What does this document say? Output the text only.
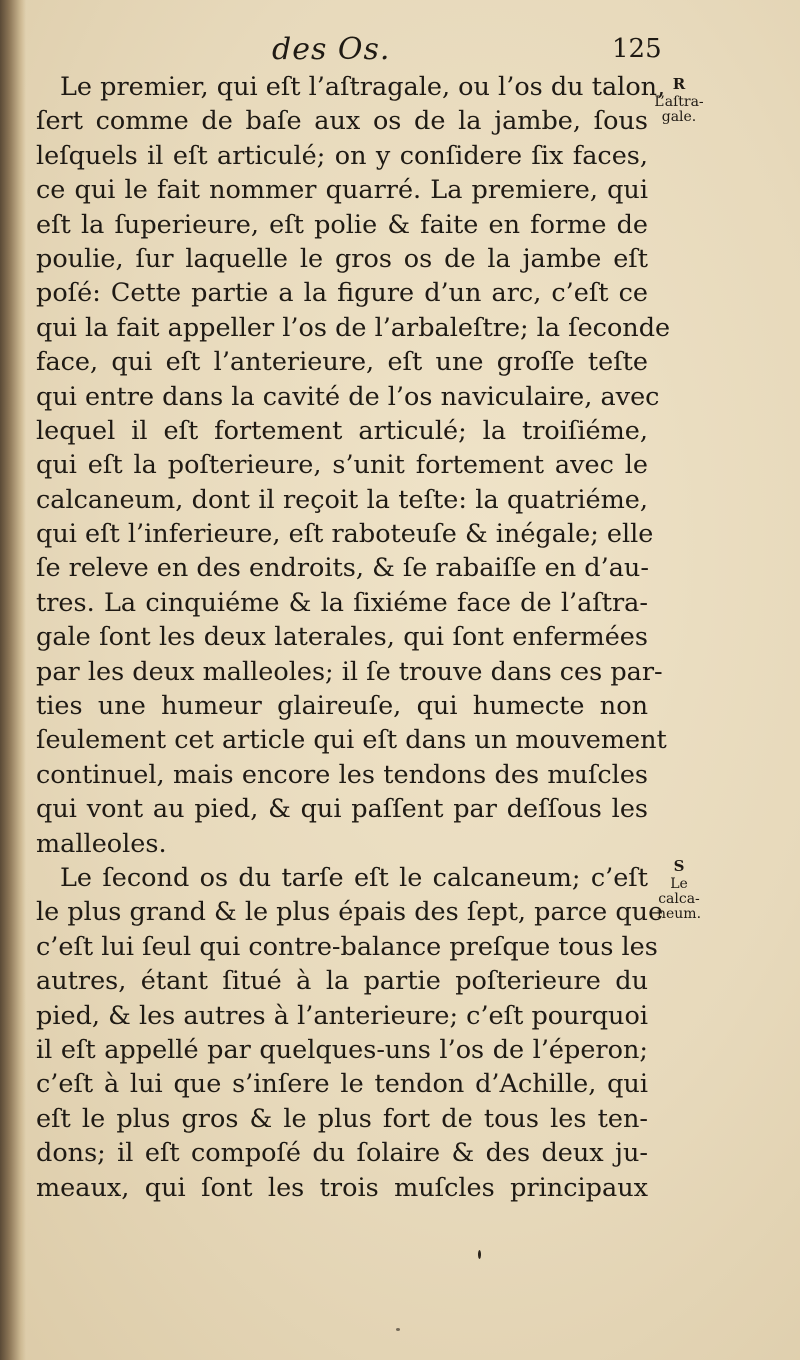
des Os.	125
Le premier, qui eſt l’aſtragale, ou l’os du talon,
ſert comme de baſe aux os de la jambe, ſous
leſquels il eſt articulé; on y conſidere ſix faces,
ce qui le fait nommer quarré. La premiere, qui
eſt la ſuperieure, eſt polie & faite en forme de
poulie, ſur laquelle le gros os de la jambe eſt
poſé: Cette partie a la figure d’un arc, c’eſt ce
qui la fait appeller l’os de l’arbaleſtre; la ſeconde
face, qui eſt l’anterieure, eſt une groſſe teſte
qui entre dans la cavité de l’os naviculaire, avec
lequel il eſt fortement articulé; la troiſiéme,
qui eſt la poſterieure, s’unit fortement avec le
calcaneum, dont il reçoit la teſte: la quatriéme,
qui eſt l’inferieure, eſt raboteuſe & inégale; elle
ſe releve en des endroits, & ſe rabaiſſe en d’au-
tres. La cinquiéme & la ſixiéme face de l’aſtra-
gale ſont les deux laterales, qui ſont enfermées
par les deux malleoles; il ſe trouve dans ces par-
ties une humeur glaireuſe, qui humecte non
ſeulement cet article qui eſt dans un mouvement
continuel, mais encore les tendons des muſcles
qui vont au pied, & qui paſſent par deſſous les
malleoles.
Le ſecond os du tarſe eſt le calcaneum; c’eſt
le plus grand & le plus épais des ſept, parce que
c’eſt lui ſeul qui contre-balance preſque tous les
autres, étant ſitué à la partie poſterieure du
pied, & les autres à l’anterieure; c’eſt pourquoi
il eſt appellé par quelques-uns l’os de l’éperon;
c’eſt à lui que s’inſere le tendon d’Achille, qui
eſt le plus gros & le plus fort de tous les ten-
dons; il eſt compoſé du ſolaire & des deux ju-
meaux, qui ſont les trois muſcles principaux
R
L’aſtra-
gale.
S
Le calca-
neum.
